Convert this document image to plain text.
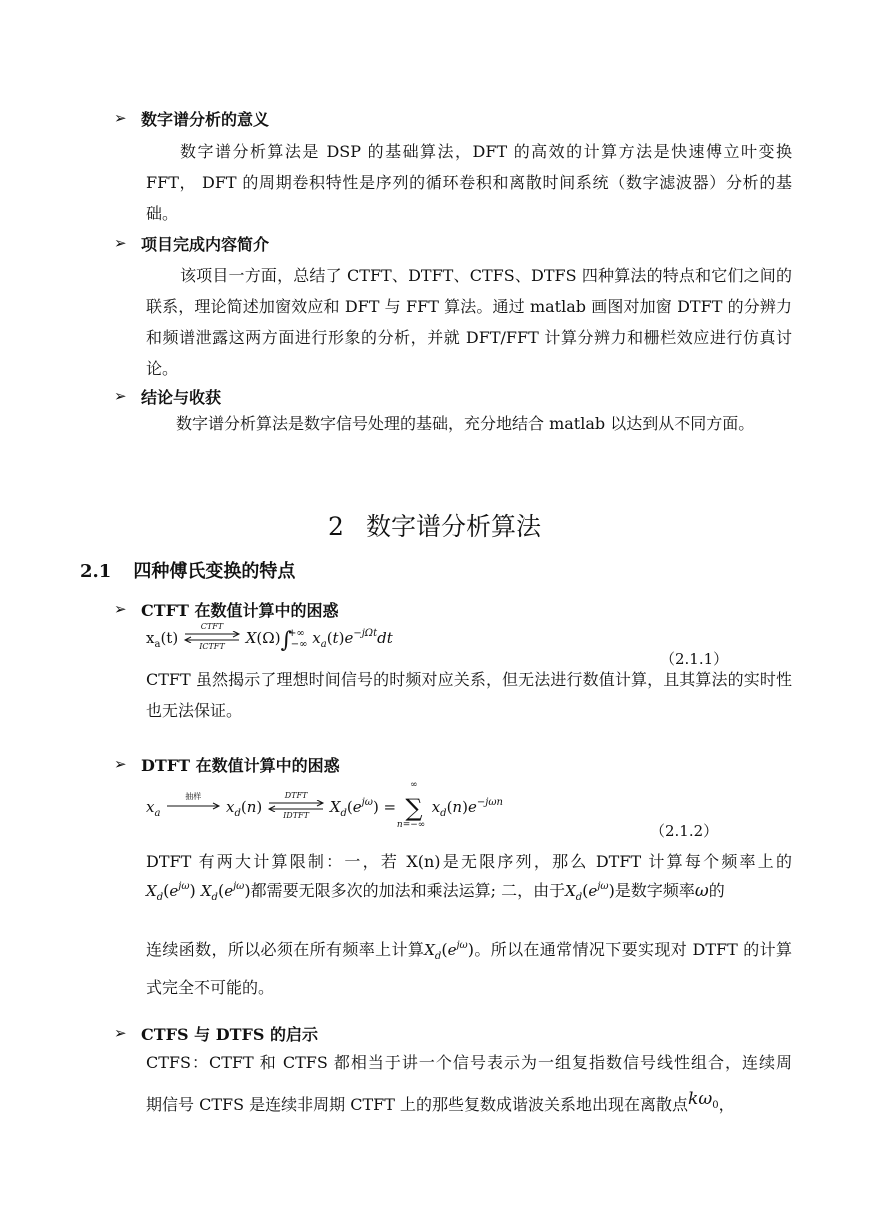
➢ 数字谱分析的意义
数字谱分析算法是 DSP 的基础算法，DFT 的高效的计算方法是快速傅立叶变换 FFT， DFT 的周期卷积特性是序列的循环卷积和离散时间系统（数字滤波器）分析的基础。
➢ 项目完成内容简介
该项目一方面，总结了 CTFT、DTFT、CTFS、DTFS 四种算法的特点和它们之间的联系，理论简述加窗效应和 DFT 与 FFT 算法。通过 matlab 画图对加窗 DTFT 的分辨力和频谱泄露这两方面进行形象的分析，并就 DFT/FFT 计算分辨力和栅栏效应进行仿真讨论。
➢ 结论与收获
数字谱分析算法是数字信号处理的基础，充分地结合 matlab 以达到从不同方面。
2 数字谱分析算法
2.1 四种傅氏变换的特点
➢ CTFT 在数值计算中的困惑
$x_a(t)$
CTFT
ICTFT	$X(\Omega)\int^{+\infty}_{-\infty}$ $x_a(t)e^{-j\Omega t}dt$
（2.1.1）
CTFT 虽然揭示了理想时间信号的时频对应关系，但无法进行数值计算，且其算法的实时性也无法保证。
➢ DTFT 在数值计算中的困惑
$x_a$
抽样
$x_d(n)$
DTFT
IDTFT	$X_d(e^{j\omega})$ =
∞
∑
n=−∞
$x_d(n)e^{-j\omega n}$
（2.1.2）
DTFT 有两大计算限制：一，若 X(n)是无限序列，那么 DTFT 计算每个频率上的
$X_d(e^{j\omega})$ $X_d(e^{j\omega})$都需要无限多次的加法和乘法运算; 二，由于$X_d(e^{j\omega})$是数字频率ω的
连续函数，所以必须在所有频率上计算$X_d(e^{j\omega})$。所以在通常情况下要实现对 DTFT 的计算式完全不可能的。
➢ CTFS 与 DTFS 的启示
CTFS：CTFT 和 CTFS 都相当于讲一个信号表示为一组复指数信号线性组合，连续周
期信号 CTFS 是连续非周期 CTFT 上的那些复数成谐波关系地出现在离散点$k\omega^0$，
